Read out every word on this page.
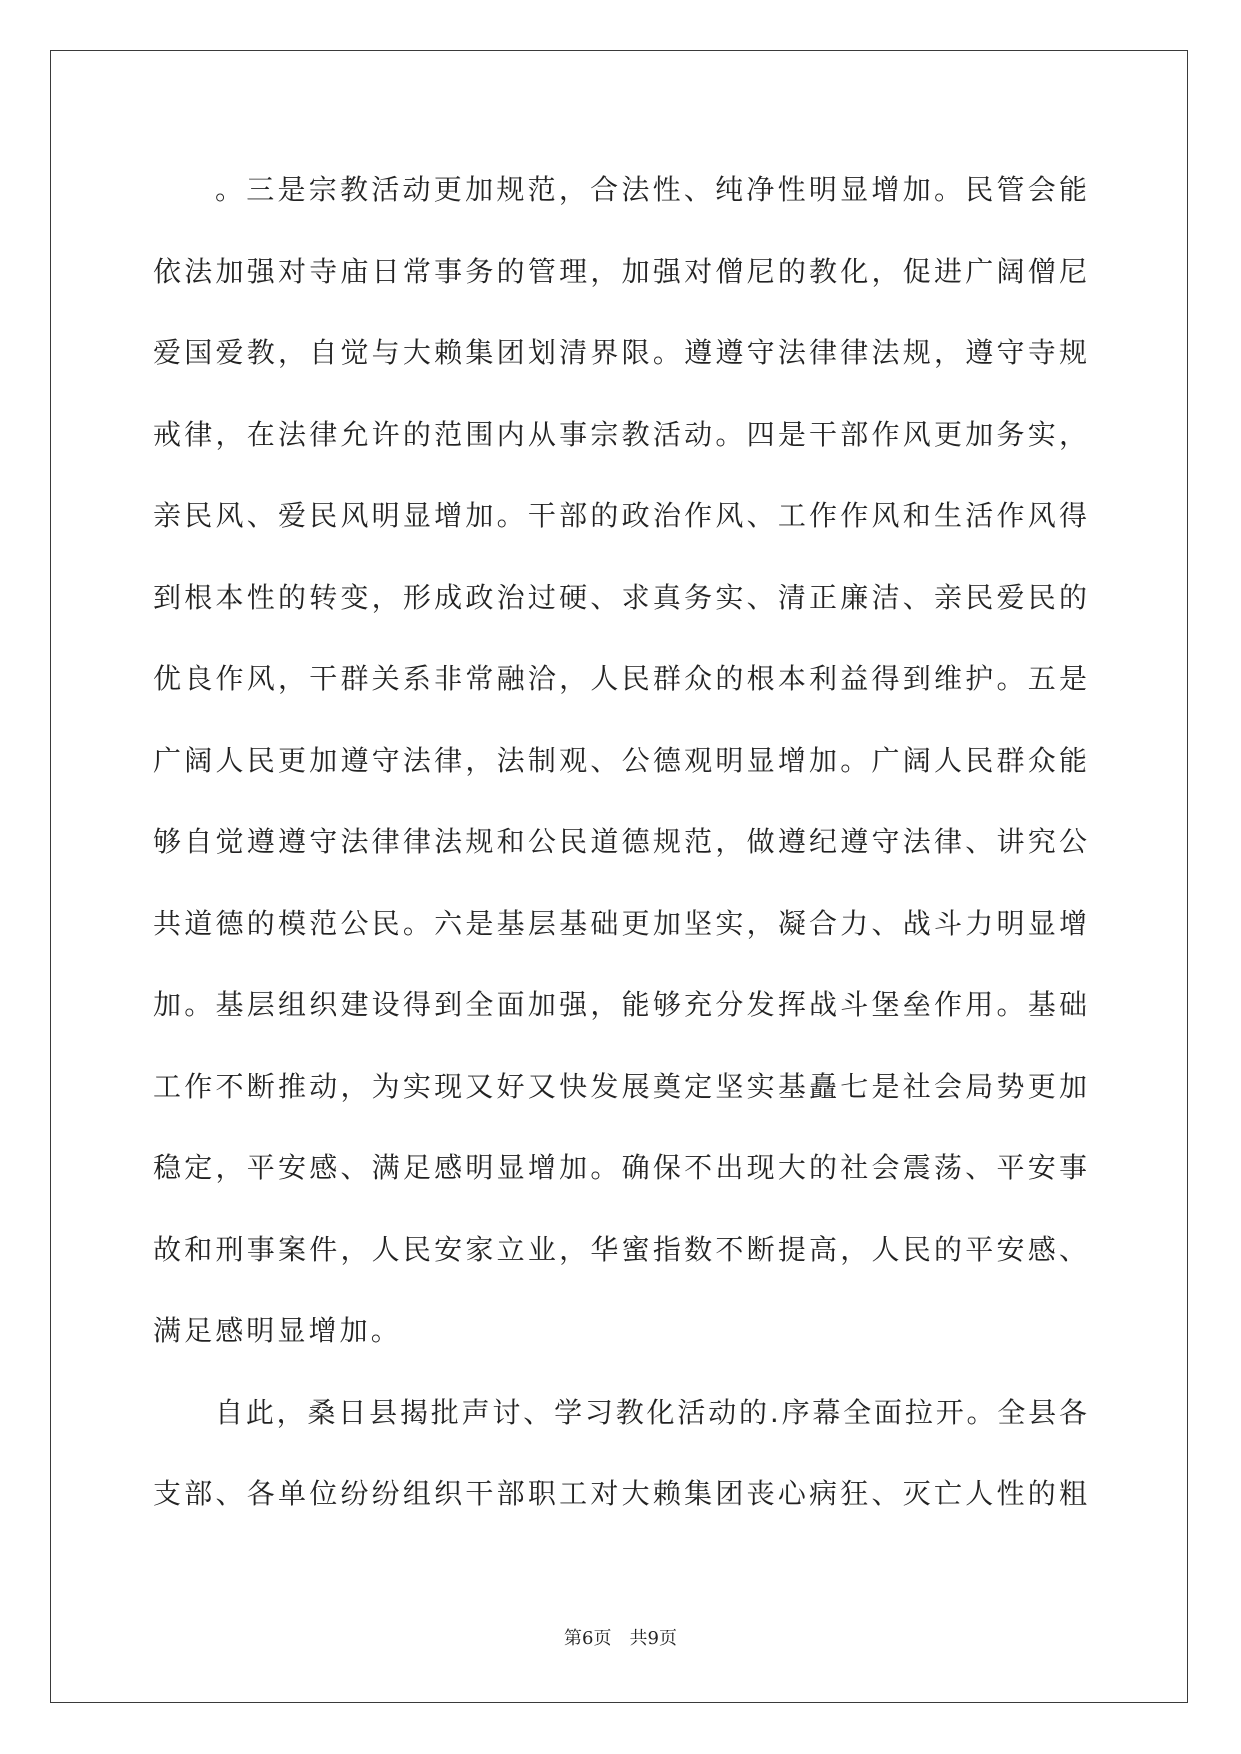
。三是宗教活动更加规范，合法性、纯净性明显增加。民管会能
依法加强对寺庙日常事务的管理，加强对僧尼的教化，促进广阔僧尼
爱国爱教，自觉与大赖集团划清界限。遵遵守法律律法规，遵守寺规
戒律，在法律允许的范围内从事宗教活动。四是干部作风更加务实，
亲民风、爱民风明显增加。干部的政治作风、工作作风和生活作风得
到根本性的转变，形成政治过硬、求真务实、清正廉洁、亲民爱民的
优良作风，干群关系非常融洽，人民群众的根本利益得到维护。五是
广阔人民更加遵守法律，法制观、公德观明显增加。广阔人民群众能
够自觉遵遵守法律律法规和公民道德规范，做遵纪遵守法律、讲究公
共道德的模范公民。六是基层基础更加坚实，凝合力、战斗力明显增
加。基层组织建设得到全面加强，能够充分发挥战斗堡垒作用。基础
工作不断推动，为实现又好又快发展奠定坚实基矗七是社会局势更加
稳定，平安感、满足感明显增加。确保不出现大的社会震荡、平安事
故和刑事案件，人民安家立业，华蜜指数不断提高，人民的平安感、
满足感明显增加。
自此，桑日县揭批声讨、学习教化活动的.序幕全面拉开。全县各
支部、各单位纷纷组织干部职工对大赖集团丧心病狂、灭亡人性的粗
第6页 共9页
